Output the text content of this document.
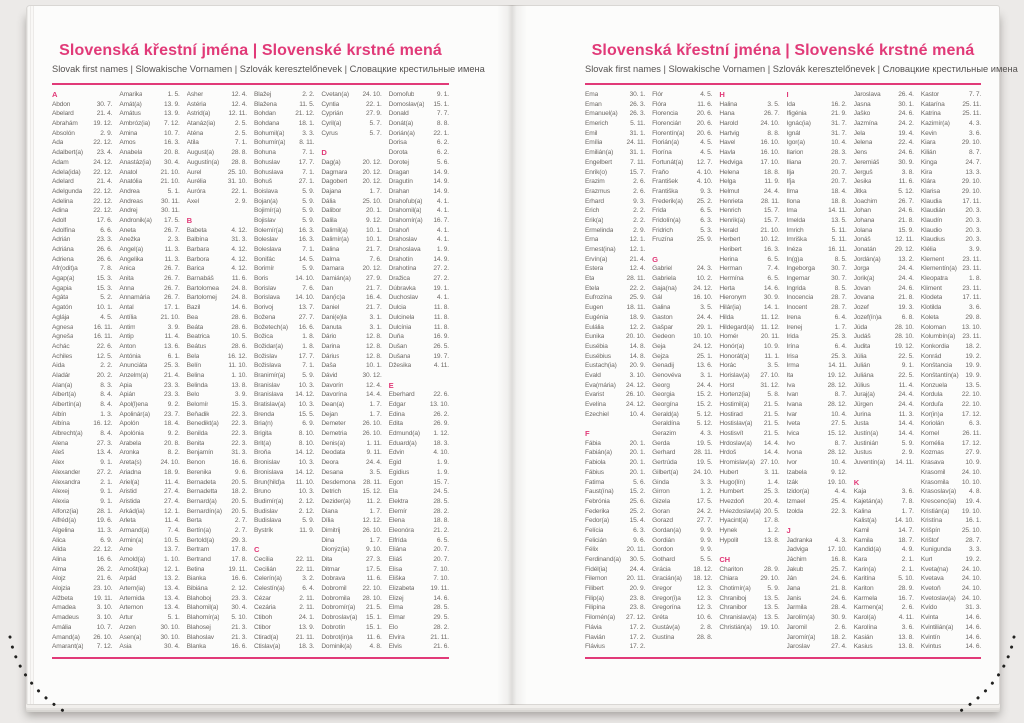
Slovenská křestní jména | Slovenské krstné mená
Slovak first names | Slowakische Vornamen | Szlovák keresztelőnevek | Словацкие крестильные имена
A
Abdon	30. 7.
Abelard	21. 4.
Abrahám	19. 12.
Absolón	2. 9.
Ada	22. 12.
Adalbert(a)	23. 4.
Adam	24. 12.
Adela(ida)	22. 12.
Adelard	21. 4.
Adelgunda	22. 12.
Adelina	22. 12.
Adina	22. 12.
Adolf	17. 6.
Adolfína	6. 6.
Adrián	23. 3.
Adriána	26. 6.
Adriena	26. 6.
Afr(odit)a	7. 8.
Agap(a)	15. 3.
Agapia	15. 3.
Agáta	5. 2.
Agatón	10. 1.
Aglája	4. 5.
Agnesa	16. 11.
Agneša	16. 11.
Achác	22. 6.
Achiles	12. 5.
Aida	2. 2.
Aladár	20. 2.
Alan(a)	8. 3.
Albert(a)	8. 4.
Albertín(a)	8. 4.
Albín	1. 3.
Albína	16. 12.
Albrecht(a)	8. 4.
Alena	27. 3.
Aleš	13. 4.
Alex	9. 1.
Alexander	27. 2.
Alexandra	2. 1.
Alexej	9. 1.
Alexia	9. 1.
Alfonz(ia)	28. 1.
Alfréd(a)	19. 6.
Algelina	11. 3.
Alica	6. 9.
Alida	22. 12.
Alina	16. 6.
Alma	26. 2.
Alojz	21. 6.
Alojzia	23. 10.
Alžbeta	19. 11.
Amadea	3. 10.
Amadeus	3. 10.
Amália	10. 7.
Amand(a)	26. 10.
Amarant(a)	7. 12.
Amarika	1. 5.
Amát(a)	13. 9.
Amátus	13. 9.
Ambróz(ia)	7. 12.
Amina	10. 7.
Amos	16. 3.
Anabela	20. 8.
Anastáz(ia)	30. 4.
Anatol	21. 10.
Anatólia	21. 10.
Andrea	5. 1.
Andreas	30. 11.
Andrej	30. 11.
Andronik(a)	17. 5.
Aneta	26. 7.
Anežka	2. 3.
Angel(a)	11. 3.
Angelika	11. 3.
Anica	26. 7.
Anita	26. 7.
Anna	26. 7.
Annamária	26. 7.
Antal	17. 1.
Antília	21. 10.
Antim	3. 9.
Antip	11. 4.
Anton	13. 6.
Antónia	6. 1.
Anunciáta	25. 3.
Anzelm(a)	21. 4.
Apia	23. 3.
Apián	23. 3.
Apol(l)ena	9. 2.
Apolinár(a)	23. 7.
Apolón	18. 4.
Apolónia	9. 2.
Arabela	20. 8.
Aronka	8. 2.
Areta(s)	24. 10.
Ariadna	18. 9.
Ariel(a)	11. 4.
Aristid	27. 4.
Aristida	27. 4.
Arkád(ia)	12. 1.
Arleta	11. 4.
Armand(a)	7. 4.
Armin(a)	10. 5.
Arne	13. 7.
Arnold(a)	1. 10.
Arnošt(ka)	12. 1.
Arpád	13. 2.
Artem(ia)	13. 4.
Artemida	13. 4.
Artemon	13. 4.
Artur	5. 1.
Arzen	30. 10.
Asen(a)	30. 10.
Asia	30. 4.
Asher	12. 4.
Astéria	12. 4.
Astrid(a)	12. 11.
Atanáz(ia)	2. 5.
Aténa	2. 5.
Atila	7. 1.
August(a)	28. 8.
Augustín(a)	28. 8.
Aurel	25. 10.
Aurélia	31. 10.
Auróra	22. 1.
Axel	2. 9.
B
Babeta	4. 12.
Balbína	31. 3.
Barbara	4. 12.
Barbora	4. 12.
Barica	4. 12.
Barnabáš	11. 6.
Bartolomea	24. 8.
Bartolomej	24. 8.
Bazil	14. 6.
Bea	28. 6.
Beáta	28. 6.
Beatrica	10. 5.
Beátus	28. 6.
Bela	16. 12.
Belín	11. 10.
Belina	1. 10.
Belinda	13. 8.
Belo	3. 9.
Belomír	15. 3.
Beňadik	22. 3.
Benedikt(a)	22. 3.
Benilda	22. 3.
Benita	22. 3.
Benjamín	31. 3.
Benon	16. 6.
Berenika	9. 6.
Bernadeta	20. 5.
Bernadetta	18. 2.
Bernard(a)	20. 5.
Bernardín(a)	20. 5.
Berta	2. 7.
Bertín(a)	2. 7.
Bertold(a)	29. 3.
Bertram	17. 8.
Bertrand	17. 8.
Betina	19. 11.
Bianka	16. 6.
Bibiána	2. 12.
Blahoboj	23. 3.
Blahomil(a)	30. 4.
Blahomír(a)	5. 10.
Blahosej	21. 3.
Blahoslav	21. 3.
Blanka	16. 6.
Blažej	2. 2.
Blažena	11. 5.
Bohdan	21. 12.
Bohdana	18. 1.
Bohumil(a)	3. 3.
Bohumír(a)	8. 11.
Bohuna	7. 1.
Bohuslav	17. 7.
Bohuslava	7. 1.
Bohuš	27. 1.
Boislava	5. 9.
Bojan(a)	5. 9.
Bojimír(a)	5. 9.
Bojislav	5. 9.
Bolemír(a)	16. 3.
Boleslav	16. 3.
Boleslava	7. 1.
Bonifác	14. 5.
Borimír	5. 9.
Boris	14. 10.
Borislav	7. 6.
Borislava	14. 10.
Borivoj	13. 7.
Božena	27. 7.
Božetech(a)	16. 6.
Božica	1. 8.
Božidar(a)	1. 8.
Božislav	17. 7.
Božislava	7. 1.
Branimír(a)	5. 9.
Branislav	10. 3.
Branislava	14. 12.
Bratislav(a)	10. 3.
Brenda	15. 5.
Bria(n)	6. 9.
Brigita	8. 10.
Brit(a)	8. 10.
Broňa	14. 12.
Bronislav	10. 3.
Bronislava	14. 12.
Brun(hild)a	11. 10.
Bruno	10. 3.
Budimír(a)	2. 12.
Budislav	2. 12.
Budislava	5. 9.
Bystrík	11. 9.
C
Cecília	22. 11.
Cecilián	22. 11.
Celerín(a)	3. 2.
Celestín(a)	6. 4.
Cézar	2. 11.
Cezária	2. 11.
Ctiboh	24. 1.
Ctibor	13. 9.
Ctirad(a)	21. 11.
Ctislav(a)	18. 3.
Cvetan(a)	24. 10.
Cyntia	22. 1.
Cyprián	27. 9.
Cyril(a)	5. 7.
Cyrus	5. 7.
D
Dag(a)	20. 12.
Dagmara	20. 12.
Dagobert	20. 12.
Dajana	1. 7.
Dália	25. 10.
Dalibor	20. 1.
Dalila	9. 12.
Dalimil(a)	10. 1.
Dalimír(a)	10. 1.
Dalina	21. 7.
Dalma	7. 6.
Damara	20. 12.
Damián(a)	27. 9.
Dan	21. 7.
Dan(ic)a	16. 4.
Daniel	21. 7.
Dani(e)la	3. 1.
Danuta	3. 1.
Dário	12. 8.
Darina	12. 8.
Dárius	12. 8.
Daša	10. 1.
Dávid	30. 12.
Davorín	12. 4.
Davorína	14. 4.
Dean(a)	1. 7.
Dejan	1. 7.
Demeter	26. 10.
Demetria	26. 10.
Denis(a)	1. 11.
Deodata	9. 11.
Deora	24. 4.
Desana	3. 5.
Desdemona	28. 11.
Detrich	15. 12.
Dezider(a)	11. 2.
Diana	1. 7.
Dília	12. 12.
Dimitrij	26. 10.
Dina	1. 7.
Dionýz(ia)	9. 10.
Dita	27. 3.
Ditmar	17. 5.
Dobrava	11. 6.
Dobromil	22. 10.
Dobromila	28. 10.
Dobromír(a)	21. 5.
Dobroslav(a)	15. 1.
Dobrotín	15. 1.
Dobrot(in)a	11. 6.
Dominik(a)	4. 8.
Domoľub	9. 1.
Domoslav(a)	15. 1.
Donald	7. 7.
Donát(a)	8. 8.
Dorián(a)	22. 1.
Dorisa	6. 2.
Dorota	6. 2.
Dorotej	5. 6.
Dragan	14. 9.
Dragutín	14. 9.
Drahan	14. 9.
Drahoľub(a)	4. 1.
Drahomil(a)	4. 1.
Drahomír(a)	16. 7.
Drahoň	4. 1.
Drahoslav	4. 1.
Drahoslava	1. 9.
Drahotín	14. 9.
Drahotína	27. 2.
Dražica	27. 2.
Dúbravka	19. 1.
Duchoslav	4. 1.
Dulcia	11. 8.
Dulcinela	11. 8.
Dulcínia	11. 8.
Duňa	16. 9.
Dušan	26. 5.
Dušana	19. 7.
Džesika	4. 11.
E
Eberhard	22. 6.
Edgar	13. 10.
Edina	26. 2.
Edita	26. 9.
Edmund(a)	1. 12.
Eduard(a)	18. 3.
Edvin	4. 10.
Egid	1. 9.
Egidius	1. 9.
Egon	15. 7.
Ela	24. 5.
Elektra	28. 5.
Elemír	28. 2.
Elena	18. 8.
Eleonóra	21. 2.
Elfrída	6. 5.
Eliána	20. 7.
Eliáš	20. 7.
Elisa	7. 10.
Eliška	7. 10.
Elizabeta	19. 11.
Elizej	14. 6.
Elma	28. 5.
Elmar	29. 5.
Elo	28. 2.
Elvíra	21. 11.
Elvis	21. 6.
Slovenská křestní jména | Slovenské krstné mená
Slovak first names | Slowakische Vornamen | Szlovák keresztelőnevek | Словацкие крестильные имена
Ema	30. 1.
Eman	26. 3.
Emanuel(a)	26. 3.
Emerich	5. 11.
Emil	31. 1.
Emília	24. 11.
Emilián(a)	31. 1.
Engelbert	7. 11.
Enrik(o)	15. 7.
Erazim	2. 6.
Erazmus	2. 6.
Erhard	9. 3.
Erich	2. 2.
Erik(a)	2. 2.
Ermelinda	2. 9.
Erna	12. 1.
Ernest(ina)	12. 1.
Ervín(a)	21. 4.
Estera	12. 4.
Eta	28. 11.
Etela	22. 2.
Eufrozína	25. 9.
Eugen	18. 11.
Eugénia	18. 9.
Eulália	12. 2.
Eunika	20. 10.
Eusébia	14. 8.
Eusébius	14. 8.
Eustach(ia)	20. 9.
Evald	3. 10.
Eva(mária)	24. 12.
Evarist	26. 10.
Evelína	24. 12.
Ezechiel	10. 4.
F
Fábia	20. 1.
Fabián(a)	20. 1.
Fabiola	20. 1.
Fábius	20. 1.
Fatima	5. 6.
Faust(ína)	15. 2.
Febrónia	25. 6.
Federika	25. 2.
Fedor(a)	15. 4.
Felícia	6. 3.
Felicián	9. 6.
Félix	20. 11.
Ferdinand(a)	30. 5.
Fidél(ia)	24. 4.
Filemon	20. 11.
Filibert	20. 9.
Filip(a)	23. 8.
Filipína	23. 8.
Filomén(a)	27. 12.
Flávia	17. 2.
Flavián	17. 2.
Flávius	17. 2.
Flór	4. 5.
Flóra	11. 6.
Florencia	20. 6.
Florencián	20. 6.
Florentín(a)	20. 6.
Florián(a)	4. 5.
Florína	4. 5.
Fortunát(a)	12. 7.
Fraňo	4. 10.
František	4. 10.
Františka	9. 3.
Frederik(a)	25. 2.
Frida	6. 5.
Fridolín(a)	6. 3.
Fridrich	5. 3.
Fruzína	25. 9.
G
Gabriel	24. 3.
Gabriela	10. 2.
Gaja(na)	24. 12.
Gál	16. 10.
Galina	3. 5.
Gaston	24. 4.
Gašpar	29. 1.
Gedeon	10. 10.
Geja	24. 12.
Gejza	25. 1.
Genadij	13. 6.
Genovéva	3. 1.
Georg	24. 4.
Georgia	15. 2.
Georgína	15. 2.
Gerald(a)	5. 12.
Geraldína	5. 12.
Gerazim	4. 3.
Gerda	19. 5.
Gerhard	28. 11.
Gertrúda	19. 5.
Gilbert(a)	24. 10.
Ginda	3. 3.
Girron	1. 2.
Gizela	17. 5.
Goran	24. 2.
Gorazd	27. 7.
Gordan(a)	9. 9.
Gordián	9. 9.
Gordon	9. 9.
Gothard	5. 5.
Grácia	18. 12.
Gracián(a)	18. 12.
Gregor	12. 3.
Gregor(i)a	12. 3.
Gregorína	12. 3.
Gréta	10. 6.
Gustáv(a)	2. 8.
Gustína	28. 8.
H
Halina	3. 5.
Hana	26. 7.
Harold	24. 10.
Hartvig	8. 8.
Havel	16. 10.
Havla	16. 10.
Hedviga	17. 10.
Helena	18. 8.
Helga	11. 9.
Helmut	24. 4.
Henrieta	28. 11.
Henrich	15. 7.
Henrik(a)	15. 7.
Herald	21. 10.
Herbert	10. 12.
Heribert	16. 3.
Herina	6. 5.
Herman	7. 4.
Hermína	6. 5.
Herta	14. 6.
Hieronym	30. 9.
Hilár(ia)	14. 1.
Hilda	11. 12.
Hildegard(a)	11. 12.
Homér	20. 11.
Honór(a)	10. 9.
Honorát(a)	11. 1.
Horác	3. 5.
Horislav(a)	27. 10.
Horst	31. 12.
Hortenz(ia)	5. 8.
Hostimil(a)	21. 5.
Hostirad	21. 5.
Hostislav(a)	21. 5.
Hostisvít	21. 5.
Hrdoslav(a)	14. 4.
Hrdoš	14. 4.
Hromislav(a) 27. 10.
Hubert	3. 11.
Hugo(lín)	1. 4.
Humbert	25. 3.
Hvezdoň	20. 4.
Hviezdoslav(a) 20. 5.
Hyacint(a)	17. 8.
Hynek	1. 2.
Hypolit	13. 8.
CH
Chariton	28. 9.
Chiara	29. 10.
Chotimír(a)	5. 9.
Chraniboj	13. 5.
Chranibor	13. 5.
Chranislav(a)	13. 5.
Christián(a)	19. 10.
I
Ida	16. 2.
Ifigénia	21. 9.
Ignác(ia)	31. 7.
Ignát	31. 7.
Igor(a)	10. 4.
Ilarion	28. 3.
Iliana	20. 7.
Ilja	20. 7.
Iľja	20. 7.
Ilma	18. 4.
Ilona	18. 8.
Ima	14. 11.
Imelda	13. 5.
Imrich	5. 11.
Imriška	5. 11.
Inéza	16. 11.
In(g)a	8. 5.
Ingeborga	30. 7.
Ingemar	30. 7.
Ingrida	8. 5.
Inocencia	28. 7.
Inocent	28. 7.
Irena	6. 4.
Irenej	1. 7.
Irida	25. 3.
Irína	6. 4.
Irisa	25. 3.
Irma	14. 11.
Ita	19. 12.
Iva	28. 12.
Ivan	8. 7.
Ivana	28. 12.
Ivar	10. 4.
Iveta	27. 5.
Ivica	15. 12.
Ivo	8. 7.
Ivona	28. 12.
Ivor	10. 4.
Izabela	9. 12.
Izák	19. 10.
Izidor(a)	4. 4.
Izmael	25. 4.
Izolda	22. 3.
J
Jadranka	4. 3.
Jadviga	17. 10.
Jáchim	16. 8.
Jakub	25. 7.
Ján	24. 6.
Jana	21. 8.
Janis	24. 6.
Jarmila	28. 4.
Jarolím(a)	30. 9.
Jaromil	2. 6.
Jaromír(a)	18. 2.
Jaroslav	27. 4.
Jaroslava	26. 4.
Jasna	30. 1.
Jaško	24. 6.
Jazmína	24. 2.
Jela	19. 4.
Jelena	22. 4.
Jens	24. 6.
Jeremiáš	30. 9.
Jerguš	3. 8.
Jesika	11. 6.
Jitka	5. 12.
Joachim	26. 7.
Johan	24. 6.
Johana	21. 8.
Jolana	15. 9.
Jonáš	12. 11.
Jonatán	29. 12.
Jordán(a)	13. 2.
Jorga	24. 4.
Jorik(a)	24. 4.
Jovan	24. 6.
Jovana	21. 8.
Jozef	19. 3.
Jozef(ín)a	6. 8.
Júda	28. 10.
Judáš	28. 10.
Judita	19. 12.
Júlia	22. 5.
Julián	9. 1.
Juliána	22. 5.
Július	11. 4.
Juraj(a)	24. 4.
Jürgen	24. 4.
Jurina	11. 3.
Justa	14. 4.
Justín(a)	14. 4.
Justinián	5. 9.
Justus	2. 9.
Juventín(a)	14. 11.
K
Kaja	3. 6.
Kajetán(a)	7. 8.
Kalina	1. 7.
Kalist(a)	14. 10.
Kamil	14. 7.
Kamila	18. 7.
Kandid(a)	4. 9.
Kara	2. 1.
Karin(a)	2. 1.
Karitína	5. 10.
Kariton	28. 9.
Karmela	16. 7.
Karmen(a)	2. 6.
Karol(a)	4. 11.
Karolína	3. 6.
Kasián	13. 8.
Kasius	13. 8.
Kastor	7. 7.
Katarína	25. 11.
Katrina	25. 11.
Kazimír(a)	4. 3.
Kevin	3. 6.
Kiara	29. 10.
Kilián	8. 7.
Kinga	24. 7.
Kira	13. 3.
Klára	29. 10.
Klarisa	29. 10.
Klaudia	17. 11.
Klaudián	20. 3.
Klaudín	20. 3.
Klaudio	20. 3.
Klaudius	20. 3.
Klélia	3. 9.
Klement	23. 11.
Klementín(a) 23. 11.
Kleopatra	1. 8.
Kliment	23. 11.
Klodeta	17. 11.
Klotilda	3. 6.
Koleta	29. 8.
Koloman	13. 10.
Kolumbín(a)	23. 11.
Konkordia	18. 2.
Konrád	19. 2.
Konštancia	19. 9.
Konštantín(a)	19. 9.
Konzuela	13. 5.
Kordula	22. 10.
Korduľa	22. 10.
Kor(in)a	17. 12.
Koriolán	6. 3.
Kornel	26. 11.
Kornélia	17. 12.
Kozmas	27. 9.
Krasava	10. 9.
Krasomil	24. 10.
Krasomila	10. 10.
Krasoslav(a)	4. 8.
Krescenc(ia)	19. 4.
Kristián(a)	19. 10.
Kristína	16. 1.
Krišpín	25. 10.
Krištof	28. 7.
Kunigunda	3. 3.
Kurt	19. 2.
Kveta(na)	24. 10.
Kvetava	24. 10.
Kvetoň	24. 10.
Kvetoslav(a) 24. 10.
Kvído	31. 3.
Kvinta	14. 6.
Kvintilián(a)	14. 6.
Kvintín	14. 6.
Kvintus	14. 6.
